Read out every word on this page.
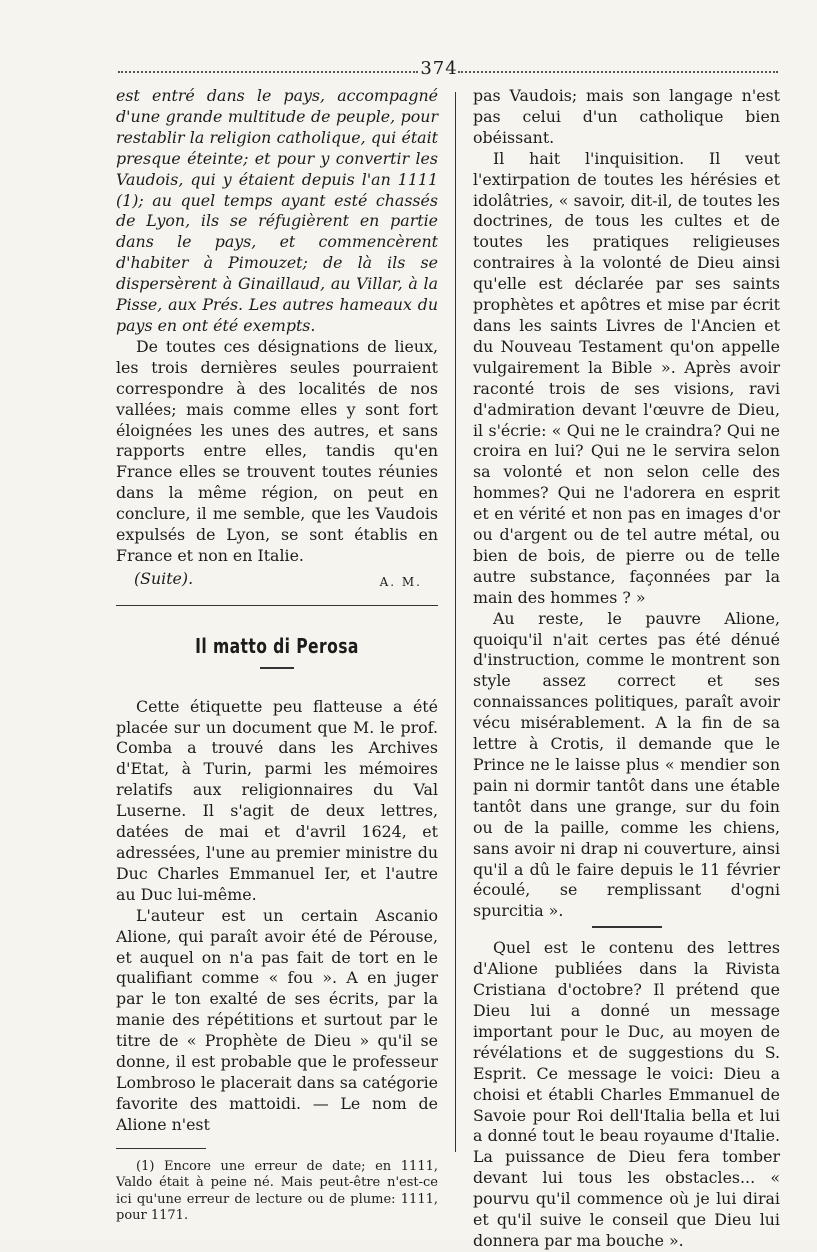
374

est entré dans le pays, accompagné d'une grande multitude de peuple, pour restablir la religion catholique, qui était presque éteinte; et pour y convertir les Vaudois, qui y étaient depuis l'an 1111 (1); au quel temps ayant esté chassés de Lyon, ils se réfugièrent en partie dans le pays, et commencèrent d'habiter à Pimouzet; de là ils se dispersèrent à Ginaillaud, au Villar, à la Pisse, aux Prés. Les autres hameaux du pays en ont été exempts.

De toutes ces désignations de lieux, les trois dernières seules pourraient correspondre à des localités de nos vallées; mais comme elles y sont fort éloignées les unes des autres, et sans rapports entre elles, tandis qu'en France elles se trouvent toutes réunies dans la même région, on peut en conclure, il me semble, que les Vaudois expulsés de Lyon, se sont établis en France et non en Italie.

(Suite).	A. M.
Il matto di Perosa

Cette étiquette peu flatteuse a été placée sur un document que M. le prof. Comba a trouvé dans les Archives d'Etat, à Turin, parmi les mémoires relatifs aux religionnaires du Val Luserne. Il s'agit de deux lettres, datées de mai et d'avril 1624, et adressées, l'une au premier ministre du Duc Charles Emmanuel Ier, et l'autre au Duc lui-même.

L'auteur est un certain Ascanio Alione, qui paraît avoir été de Pérouse, et auquel on n'a pas fait de tort en le qualifiant comme « fou ». A en juger par le ton exalté de ses écrits, par la manie des répétitions et surtout par le titre de « Prophète de Dieu » qu'il se donne, il est probable que le professeur Lombroso le placerait dans sa catégorie favorite des mattoidi. — Le nom de Alione n'est

(1) Encore une erreur de date; en 1111, Valdo était à peine né. Mais peut-être n'est-ce ici qu'une erreur de lecture ou de plume: 1111, pour 1171.

pas Vaudois; mais son langage n'est pas celui d'un catholique bien obéissant.

Il hait l'inquisition. Il veut l'extirpation de toutes les hérésies et idolâtries, « savoir, dit-il, de toutes les doctrines, de tous les cultes et de toutes les pratiques religieuses contraires à la volonté de Dieu ainsi qu'elle est déclarée par ses saints prophètes et apôtres et mise par écrit dans les saints Livres de l'Ancien et du Nouveau Testament qu'on appelle vulgairement la Bible ». Après avoir raconté trois de ses visions, ravi d'admiration devant l'œuvre de Dieu, il s'écrie: « Qui ne le craindra? Qui ne croira en lui? Qui ne le servira selon sa volonté et non selon celle des hommes? Qui ne l'adorera en esprit et en vérité et non pas en images d'or ou d'argent ou de tel autre métal, ou bien de bois, de pierre ou de telle autre substance, façonnées par la main des hommes ? »

Au reste, le pauvre Alione, quoiqu'il n'ait certes pas été dénué d'instruction, comme le montrent son style assez correct et ses connaissances politiques, paraît avoir vécu misérablement. A la fin de sa lettre à Crotis, il demande que le Prince ne le laisse plus « mendier son pain ni dormir tantôt dans une étable tantôt dans une grange, sur du foin ou de la paille, comme les chiens, sans avoir ni drap ni couverture, ainsi qu'il a dû le faire depuis le 11 février écoulé, se remplissant d'ogni spurcitia ».

Quel est le contenu des lettres d'Alione publiées dans la Rivista Cristiana d'octobre? Il prétend que Dieu lui a donné un message important pour le Duc, au moyen de révélations et de suggestions du S. Esprit. Ce message le voici: Dieu a choisi et établi Charles Emmanuel de Savoie pour Roi dell'Italia bella et lui a donné tout le beau royaume d'Italie. La puissance de Dieu fera tomber devant lui tous les obstacles... « pourvu qu'il commence où je lui dirai et qu'il suive le conseil que Dieu lui donnera par ma bouche ».
